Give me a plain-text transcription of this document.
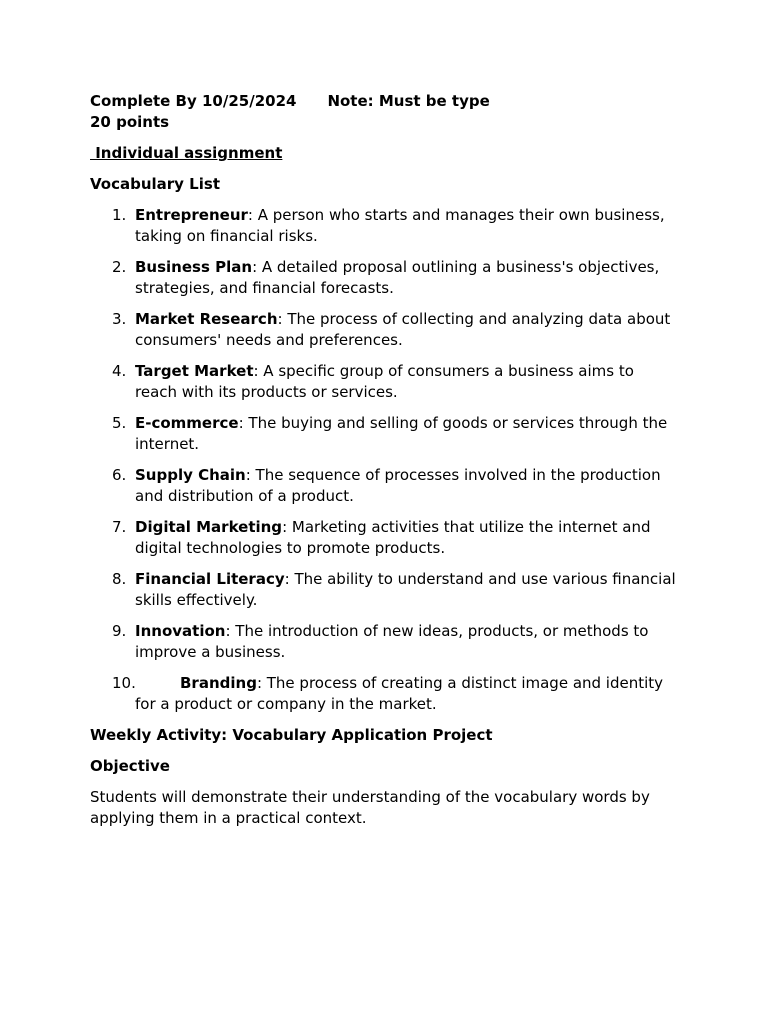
Complete By 10/25/2024 Note: Must be type
20 points
Individual assignment
Vocabulary List
1. Entrepreneur: A person who starts and manages their own business, taking on financial risks.
2. Business Plan: A detailed proposal outlining a business's objectives, strategies, and financial forecasts.
3. Market Research: The process of collecting and analyzing data about consumers' needs and preferences.
4. Target Market: A specific group of consumers a business aims to reach with its products or services.
5. E-commerce: The buying and selling of goods or services through the internet.
6. Supply Chain: The sequence of processes involved in the production and distribution of a product.
7. Digital Marketing: Marketing activities that utilize the internet and digital technologies to promote products.
8. Financial Literacy: The ability to understand and use various financial skills effectively.
9. Innovation: The introduction of new ideas, products, or methods to improve a business.
10.	Branding: The process of creating a distinct image and identity for a product or company in the market.
Weekly Activity: Vocabulary Application Project
Objective
Students will demonstrate their understanding of the vocabulary words by applying them in a practical context.
